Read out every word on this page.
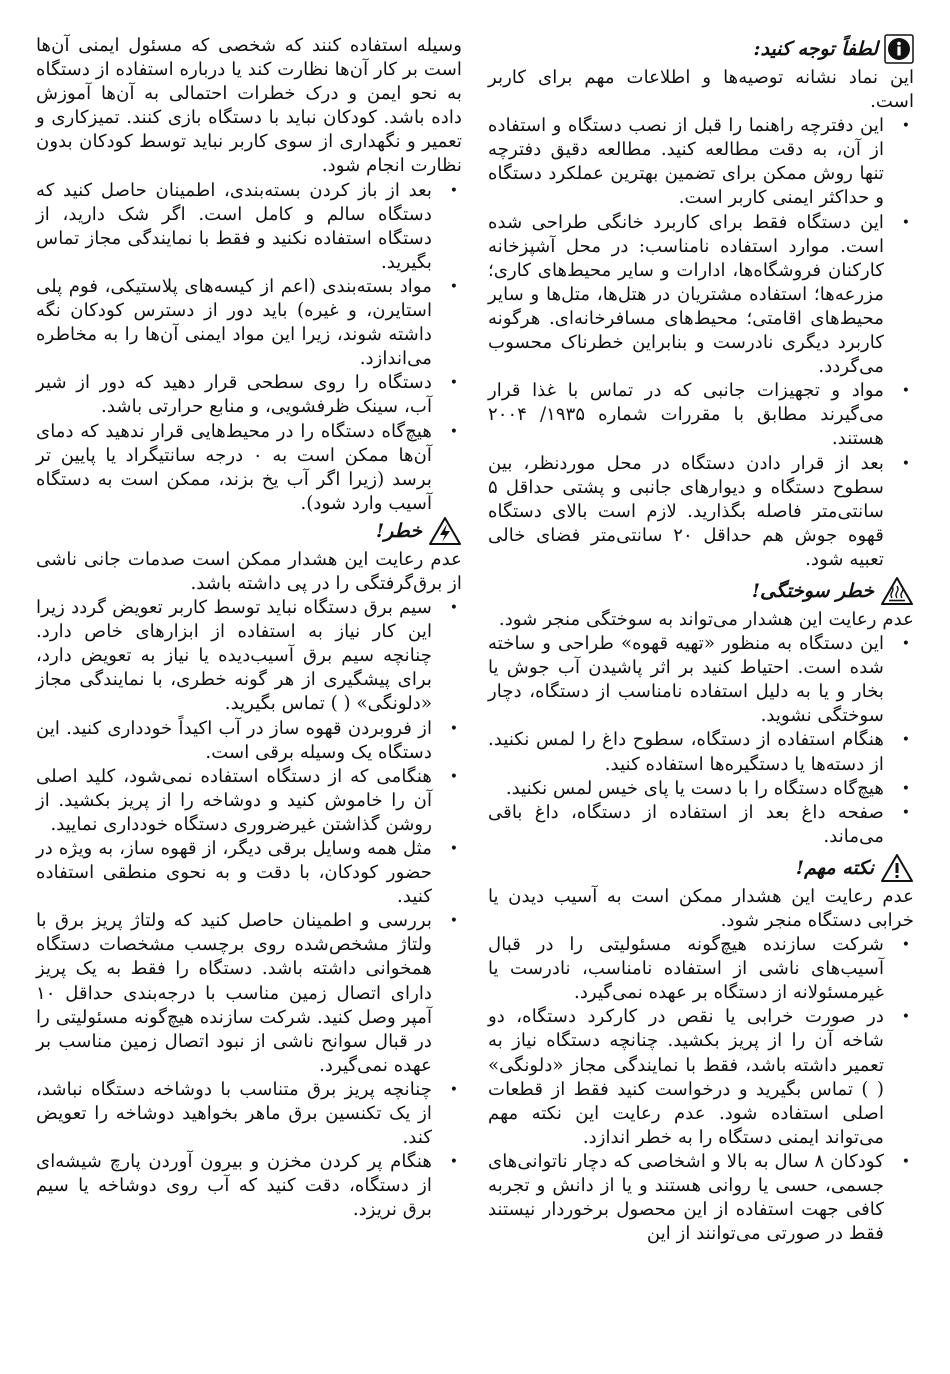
لطفاً توجه کنید:

این نماد نشانه توصیه‌ها و اطلاعات مهم برای کاربر است.

• این دفترچه راهنما را قبل از نصب دستگاه و استفاده از آن، به دقت مطالعه کنید. مطالعه دقیق دفترچه تنها روش ممکن برای تضمین بهترین عملکرد دستگاه و حداکثر ایمنی کاربر است.
• این دستگاه فقط برای کاربرد خانگی طراحی شده است. موارد استفاده نامناسب: در محل آشپزخانه کارکنان فروشگاه‌ها، ادارات و سایر محیط‌های کاری؛ مزرعه‌ها؛ استفاده مشتریان در هتل‌ها، متل‌ها و سایر محیط‌های اقامتی؛ محیط‌های مسافرخانه‌ای. هرگونه کاربرد دیگری نادرست و بنابراین خطرناک محسوب می‌گردد.
• مواد و تجهیزات جانبی که در تماس با غذا قرار می‌گیرند مطابق با مقررات شماره ۱۹۳۵/ ۲۰۰۴ هستند.
• بعد از قرار دادن دستگاه در محل موردنظر، بین سطوح دستگاه و دیوارهای جانبی و پشتی حداقل ۵ سانتی‌متر فاصله بگذارید. لازم است بالای دستگاه قهوه جوش هم حداقل ۲۰ سانتی‌متر فضای خالی تعبیه شود.
خطر سوختگی!

عدم رعایت این هشدار می‌تواند به سوختگی منجر شود.

• این دستگاه به منظور «تهیه قهوه» طراحی و ساخته شده است. احتیاط کنید بر اثر پاشیدن آب جوش یا بخار و یا به دلیل استفاده نامناسب از دستگاه، دچار سوختگی نشوید.
• هنگام استفاده از دستگاه، سطوح داغ را لمس نکنید. از دسته‌ها یا دستگیره‌ها استفاده کنید.
• هیچ‌گاه دستگاه را با دست یا پای خیس لمس نکنید.
• صفحه داغ بعد از استفاده از دستگاه، داغ باقی می‌ماند.
نکته مهم!

عدم رعایت این هشدار ممکن است به آسیب دیدن یا خرابی دستگاه منجر شود.

• شرکت سازنده هیچ‌گونه مسئولیتی را در قبال آسیب‌های ناشی از استفاده نامناسب، نادرست یا غیرمسئولانه از دستگاه بر عهده نمی‌گیرد.
• در صورت خرابی یا نقص در کارکرد دستگاه، دو شاخه آن را از پریز بکشید. چنانچه دستگاه نیاز به تعمیر داشته باشد، فقط با نمایندگی مجاز «دلونگی» ( ) تماس بگیرید و درخواست کنید فقط از قطعات اصلی استفاده شود. عدم رعایت این نکته مهم می‌تواند ایمنی دستگاه را به خطر اندازد.
• کودکان ۸ سال به بالا و اشخاصی که دچار ناتوانی‌های جسمی، حسی یا روانی هستند و یا از دانش و تجربه کافی جهت استفاده از این محصول برخوردار نیستند فقط در صورتی می‌توانند از این

وسیله استفاده کنند که شخصی که مسئول ایمنی آن‌ها است بر کار آن‌ها نظارت کند یا درباره استفاده از دستگاه به نحو ایمن و درک خطرات احتمالی به آن‌ها آموزش داده باشد. کودکان نباید با دستگاه بازی کنند. تمیزکاری و تعمیر و نگهداری از سوی کاربر نباید توسط کودکان بدون نظارت انجام شود.

• بعد از باز کردن بسته‌بندی، اطمینان حاصل کنید که دستگاه سالم و کامل است. اگر شک دارید، از دستگاه استفاده نکنید و فقط با نمایندگی مجاز تماس بگیرید.
• مواد بسته‌بندی (اعم از کیسه‌های پلاستیکی، فوم پلی استایرن، و غیره) باید دور از دسترس کودکان نگه داشته شوند، زیرا این مواد ایمنی آن‌ها را به مخاطره می‌اندازد.
• دستگاه را روی سطحی قرار دهید که دور از شیر آب، سینک ظرفشویی، و منابع حرارتی باشد.
• هیچ‌گاه دستگاه را در محیط‌هایی قرار ندهید که دمای آن‌ها ممکن است به ۰ درجه سانتیگراد یا پایین تر برسد (زیرا اگر آب یخ بزند، ممکن است به دستگاه آسیب وارد شود).
خطر!

عدم رعایت این هشدار ممکن است صدمات جانی ناشی از برق‌گرفتگی را در پی داشته باشد.

• سیم برق دستگاه نباید توسط کاربر تعویض گردد زیرا این کار نیاز به استفاده از ابزارهای خاص دارد. چنانچه سیم برق آسیب‌دیده یا نیاز به تعویض دارد، برای پیشگیری از هر گونه خطری، با نمایندگی مجاز «دلونگی» ( ) تماس بگیرید.
• از فروبردن قهوه ساز در آب اکیداً خودداری کنید. این دستگاه یک وسیله برقی است.
• هنگامی که از دستگاه استفاده نمی‌شود، کلید اصلی آن را خاموش کنید و دوشاخه را از پریز بکشید. از روشن گذاشتن غیرضروری دستگاه خودداری نمایید.
• مثل همه وسایل برقی دیگر، از قهوه ساز، به ویژه در حضور کودکان، با دقت و به نحوی منطقی استفاده کنید.
• بررسی و اطمینان حاصل کنید که ولتاژ پریز برق با ولتاژ مشخص‌شده روی برچسب مشخصات دستگاه همخوانی داشته باشد. دستگاه را فقط به یک پریز دارای اتصال زمین مناسب با درجه‌بندی حداقل ۱۰ آمپر وصل کنید. شرکت سازنده هیچ‌گونه مسئولیتی را در قبال سوانح ناشی از نبود اتصال زمین مناسب بر عهده نمی‌گیرد.
• چنانچه پریز برق متناسب با دوشاخه دستگاه نباشد، از یک تکنسین برق ماهر بخواهید دوشاخه را تعویض کند.
• هنگام پر کردن مخزن و بیرون آوردن پارچ شیشه‌ای از دستگاه، دقت کنید که آب روی دوشاخه یا سیم برق نریزد.
